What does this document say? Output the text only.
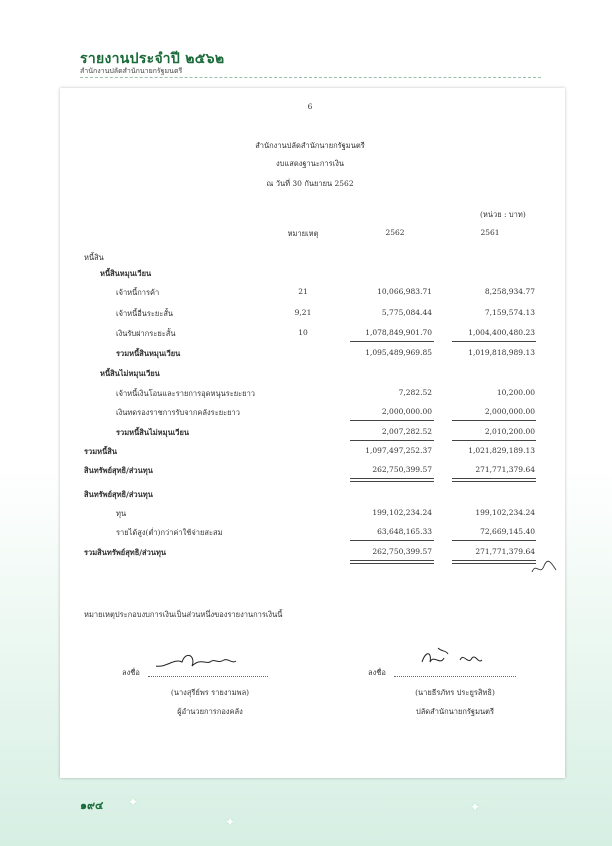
รายงานประจำปี ๒๕๖๒
สำนักงานปลัดสำนักนายกรัฐมนตรี
6
สำนักงานปลัดสำนักนายกรัฐมนตรี
งบแสดงฐานะการเงิน
ณ วันที่ 30 กันยายน 2562
(หน่วย : บาท)
หมายเหตุ	2562	2561
หนี้สิน
หนี้สินหมุนเวียน
เจ้าหนี้การค้า	21	10,066,983.71	8,258,934.77
เจ้าหนี้อื่นระยะสั้น	9,21	5,775,084.44	7,159,574.13
เงินรับฝากระยะสั้น	10	1,078,849,901.70	1,004,400,480.23
รวมหนี้สินหมุนเวียน	1,095,489,969.85	1,019,818,989.13
หนี้สินไม่หมุนเวียน
เจ้าหนี้เงินโอนและรายการอุดหนุนระยะยาว	7,282.52	10,200.00
เงินทดรองราชการรับจากคลังระยะยาว	2,000,000.00	2,000,000.00
รวมหนี้สินไม่หมุนเวียน	2,007,282.52	2,010,200.00
รวมหนี้สิน	1,097,497,252.37	1,021,829,189.13
สินทรัพย์สุทธิ/ส่วนทุน	262,750,399.57	271,771,379.64
สินทรัพย์สุทธิ/ส่วนทุน
ทุน	199,102,234.24	199,102,234.24
รายได้สูง(ต่ำ)กว่าค่าใช้จ่ายสะสม	63,648,165.33	72,669,145.40
รวมสินทรัพย์สุทธิ/ส่วนทุน	262,750,399.57	271,771,379.64
หมายเหตุประกอบงบการเงินเป็นส่วนหนึ่งของรายงานการเงินนี้
ลงชื่อ
(นางสุรีย์พร รายงามพล)
ผู้อำนวยการกองคลัง
ลงชื่อ
(นายธีรภัทร ประยูรสิทธิ)
ปลัดสำนักนายกรัฐมนตรี
✦
✦
✦
๑๙๔
